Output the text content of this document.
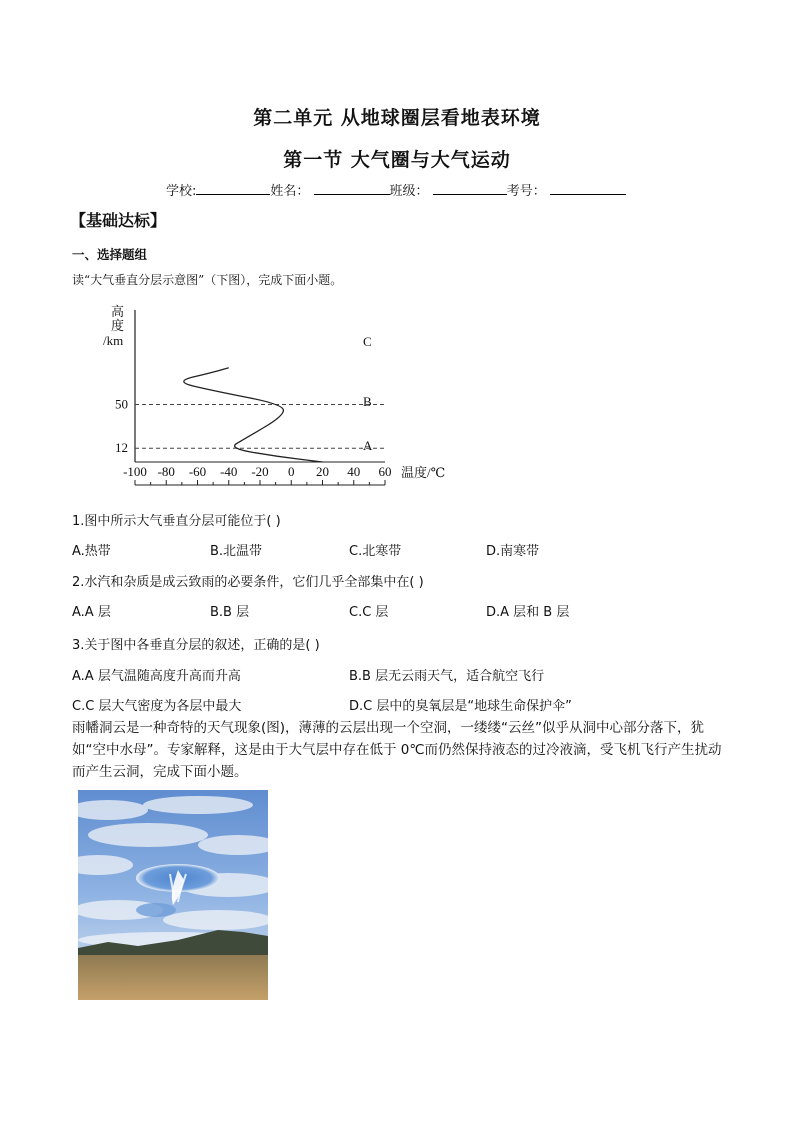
第二单元 从地球圈层看地表环境
第一节 大气圈与大气运动
学校:	姓名：	班级：	考号：
【基础达标】
一、选择题组
读“大气垂直分层示意图”（下图），完成下面小题。
12
50
高
度
/km
-100 -80 -60 -40 -20 0 20 40 60 温度/℃
A
B
C
1.图中所示大气垂直分层可能位于( )
A.热带	B.北温带	C.北寒带	D.南寒带
2.水汽和杂质是成云致雨的必要条件，它们几乎全部集中在( )
A.A 层	B.B 层	C.C 层	D.A 层和 B 层
3.关于图中各垂直分层的叙述，正确的是( )
A.A 层气温随高度升高而升高	B.B 层无云雨天气，适合航空飞行
C.C 层大气密度为各层中最大	D.C 层中的臭氧层是“地球生命保护伞”
雨幡洞云是一种奇特的天气现象(图)，薄薄的云层出现一个空洞，一缕缕“云丝”似乎从洞中心部分落下，犹如“空中水母”。专家解释，这是由于大气层中存在低于 0℃而仍然保持液态的过冷液滴，受飞机飞行产生扰动而产生云洞，完成下面小题。
